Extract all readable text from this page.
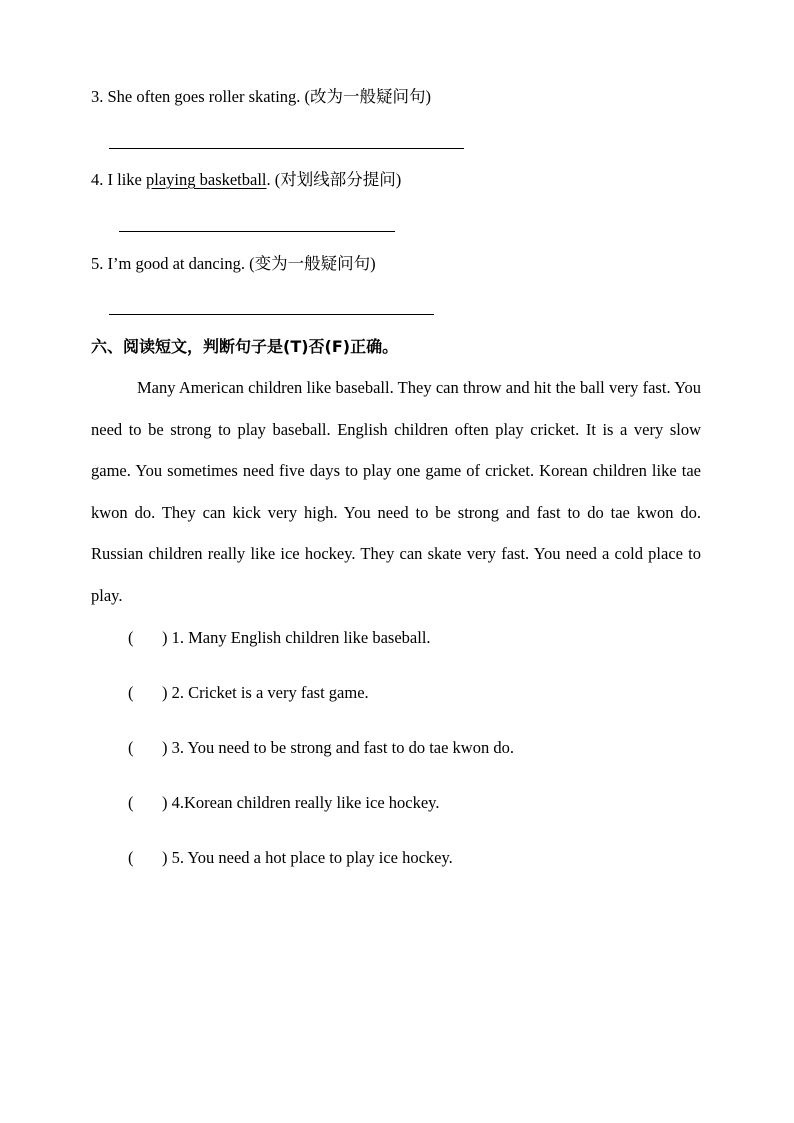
3. She often goes roller skating. (改为一般疑问句)
4. I like playing basketball. (对划线部分提问)
5. I’m good at dancing. (变为一般疑问句)
六、阅读短文，判断句子是(T)否(F)正确。
Many American children like baseball. They can throw and hit the ball very fast. You need to be strong to play baseball. English children often play cricket. It is a very slow game. You sometimes need five days to play one game of cricket. Korean children like tae kwon do. They can kick very high. You need to be strong and fast to do tae kwon do. Russian children really like ice hockey. They can skate very fast. You need a cold place to play.
( ) 1. Many English children like baseball.
( ) 2. Cricket is a very fast game.
( ) 3. You need to be strong and fast to do tae kwon do.
( ) 4.Korean children really like ice hockey.
( ) 5. You need a hot place to play ice hockey.
